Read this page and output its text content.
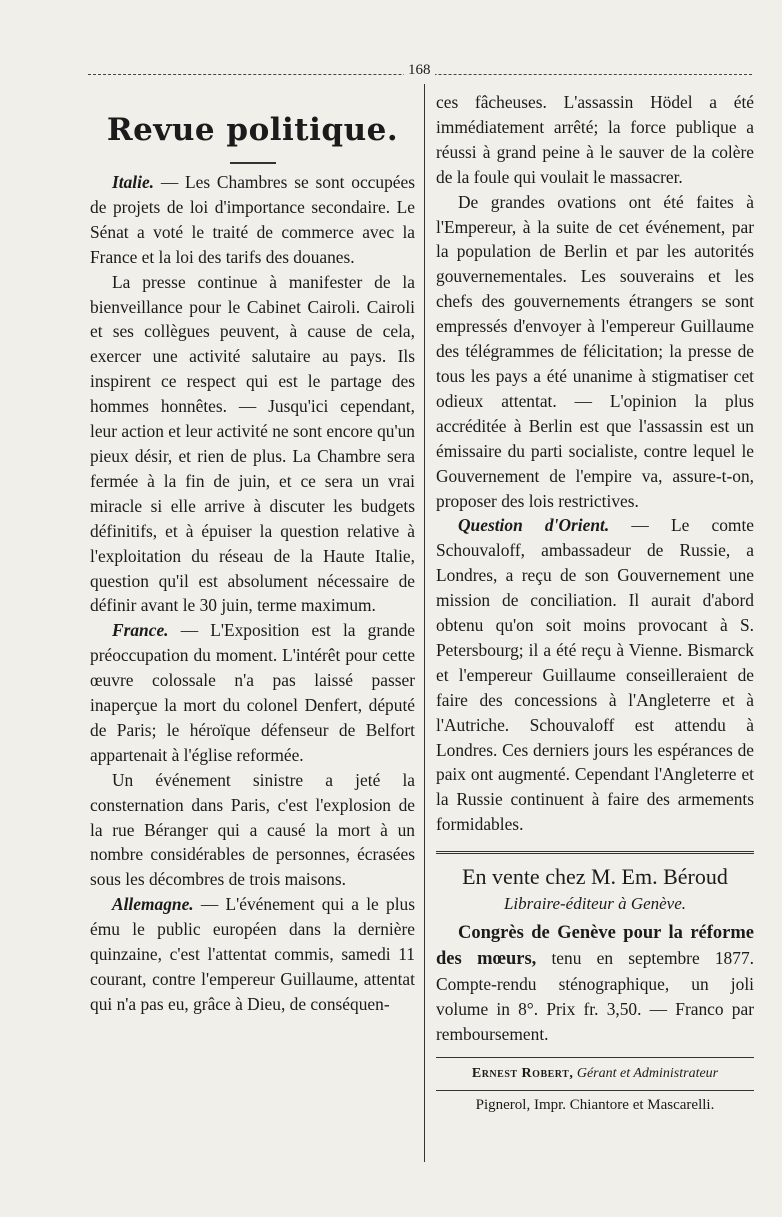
168
Revue politique.

Italie. — Les Chambres se sont occupées de projets de loi d'importance secondaire. Le Sénat a voté le traité de commerce avec la France et la loi des tarifs des douanes.

La presse continue à manifester de la bienveillance pour le Cabinet Cairoli. Cairoli et ses collègues peuvent, à cause de cela, exercer une activité salutaire au pays. Ils inspirent ce respect qui est le partage des hommes honnêtes. — Jusqu'ici cependant, leur action et leur activité ne sont encore qu'un pieux désir, et rien de plus. La Chambre sera fermée à la fin de juin, et ce sera un vrai miracle si elle arrive à discuter les budgets définitifs, et à épuiser la question relative à l'exploitation du réseau de la Haute Italie, question qu'il est absolument nécessaire de définir avant le 30 juin, terme maximum.

France. — L'Exposition est la grande préoccupation du moment. L'intérêt pour cette œuvre colossale n'a pas laissé passer inaperçue la mort du colonel Denfert, député de Paris; le héroïque défenseur de Belfort appartenait à l'église reformée.

Un événement sinistre a jeté la consternation dans Paris, c'est l'explosion de la rue Béranger qui a causé la mort à un nombre considérables de personnes, écrasées sous les décombres de trois maisons.

Allemagne. — L'événement qui a le plus ému le public européen dans la dernière quinzaine, c'est l'attentat commis, samedi 11 courant, contre l'empereur Guillaume, attentat qui n'a pas eu, grâce à Dieu, de conséquen-

ces fâcheuses. L'assassin Hödel a été immédiatement arrêté; la force publique a réussi à grand peine à le sauver de la colère de la foule qui voulait le massacrer.

De grandes ovations ont été faites à l'Empereur, à la suite de cet événement, par la population de Berlin et par les autorités gouvernementales. Les souverains et les chefs des gouvernements étrangers se sont empressés d'envoyer à l'empereur Guillaume des télégrammes de félicitation; la presse de tous les pays a été unanime à stigmatiser cet odieux attentat. — L'opinion la plus accréditée à Berlin est que l'assassin est un émissaire du parti socialiste, contre lequel le Gouvernement de l'empire va, assure-t-on, proposer des lois restrictives.

Question d'Orient. — Le comte Schouvaloff, ambassadeur de Russie, a Londres, a reçu de son Gouvernement une mission de conciliation. Il aurait d'abord obtenu qu'on soit moins provocant à S. Petersbourg; il a été reçu à Vienne. Bismarck et l'empereur Guillaume conseilleraient de faire des concessions à l'Angleterre et à l'Autriche. Schouvaloff est attendu à Londres. Ces derniers jours les espérances de paix ont augmenté. Cependant l'Angleterre et la Russie continuent à faire des armements formidables.

En vente chez M. Em. Béroud
Libraire-éditeur à Genève.

Congrès de Genève pour la réforme des mœurs, tenu en septembre 1877. Compte-rendu sténographique, un joli volume in 8°. Prix fr. 3,50. — Franco par remboursement.

Ernest Robert, Gérant et Administrateur
Pignerol, Impr. Chiantore et Mascarelli.
